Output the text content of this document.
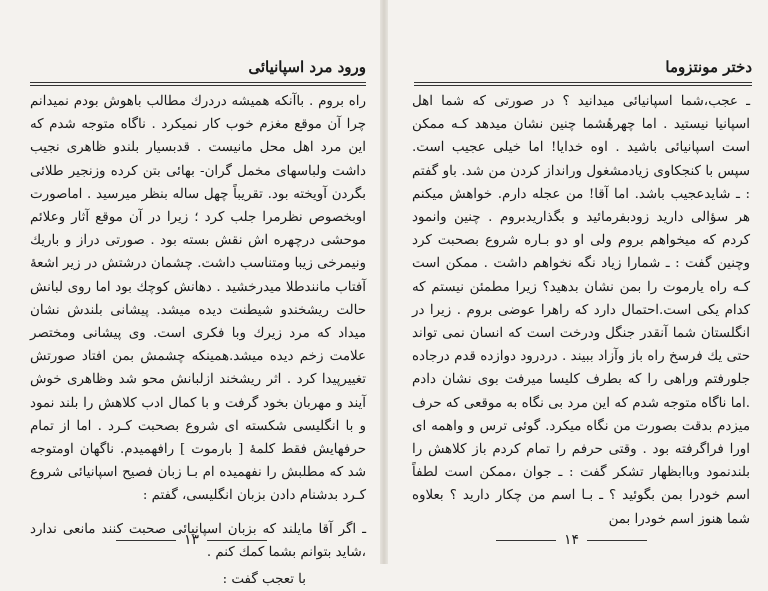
ورود مرد اسپانیائی

راه بروم . باآنکه همیشه دردرك مطالب باهوش بودم نمیدانم چرا آن موقع مغزم خوب کار نمیکرد . ناگاه متوجه شدم که این مرد اهل محل مانیست . قدبسیار بلندو ظاهری نجیب داشت ولباسهای مخمل گران- بهائی بتن کرده وزنجیر طلائی بگردن آویخته بود. تقریباً چهل ساله بنظر میرسید . اماصورت اوبخصوص نظرمرا جلب کرد ؛ زیرا در آن موقع آثار وعلائم موحشی درچهره اش نقش بسته بود . صورتی دراز و باریك ونیمرخی زیبا ومتناسب داشت. چشمان درشتش در زیر اشعهٔ آفتاب مانندطلا میدرخشید . دهانش کوچك بود اما روی لبانش حالت ریشخندو شیطنت دیده میشد. پیشانی بلندش نشان میداد که مرد زیرك وبا فکری است. وی پیشانی ومختصر علامت زخم دیده میشد.همینکه چشمش بمن افتاد صورتش تغییرپیدا کرد . اثر ریشخند ازلبانش محو شد وظاهری خوش آیند و مهربان بخود گرفت و با کمال ادب کلاهش را بلند نمود و با انگلیسی شکسته ای شروع بصحبت کـرد . اما از تمام حرفهایش فقط کلمهٔ [ بارموت ] رافهمیدم. ناگهان اومتوجه شد که مطلبش را نفهمیده ام بـا زبان فصیح اسپانیائی شروع کـرد بدشنام دادن بزبان انگلیسی، گفتم :

ـ اگر آقا مایلند که بزبان اسپانیائی صحبت کنند مانعی ندارد ،شاید بتوانم بشما کمك کنم .

با تعجب گفت :

۱۳
دختر مونتزوما

ـ عجب،شما اسپانیائی میدانید ؟ در صورتی که شما اهل اسپانیا نیستید . اما چهرهٔشما چنین نشان میدهد کـه ممکن است اسپانیائی باشید . اوه خدایا! اما خیلی عجیب است. سپس با کنجکاوی زیادمشغول ورانداز کردن من شد. باو گفتم : ـ شایدعجیب باشد. اما آقا! من عجله دارم. خواهش میکنم هر سؤالی دارید زودبفرمائید و بگذاریدبروم . چنین وانمود کردم که میخواهم بروم ولی او دو بـاره شروع بصحبت کرد وچنین گفت : ـ شمارا زیاد نگه نخواهم داشت . ممکن است کـه راه یارموت را بمن نشان بدهید؟ زیرا مطمئن نیستم که کدام یکی است.احتمال دارد که راهرا عوضی بروم . زیرا در انگلستان شما آنقدر جنگل ودرخت است که انسان نمی تواند حتی یك فرسخ راه باز وآزاد ببیند . دردرود دوازده قدم درجاده جلورفتم وراهی را که بطرف کلیسا میرفت بوی نشان دادم .اما ناگاه متوجه شدم که این مرد بی نگاه به موقعی که حرف میزدم بدقت بصورت من نگاه میکرد. گوئی ترس و واهمه ای اورا فراگرفته بود . وقتی حرفم را تمام کردم باز کلاهش را بلندنمود وباابظهار تشکر گفت : ـ جوان ،ممکن است لطفاً اسم خودرا بمن بگوئید ؟ ـ بـا اسم من چکار دارید ؟ بعلاوه شما هنوز اسم خودرا بمن

۱۴
